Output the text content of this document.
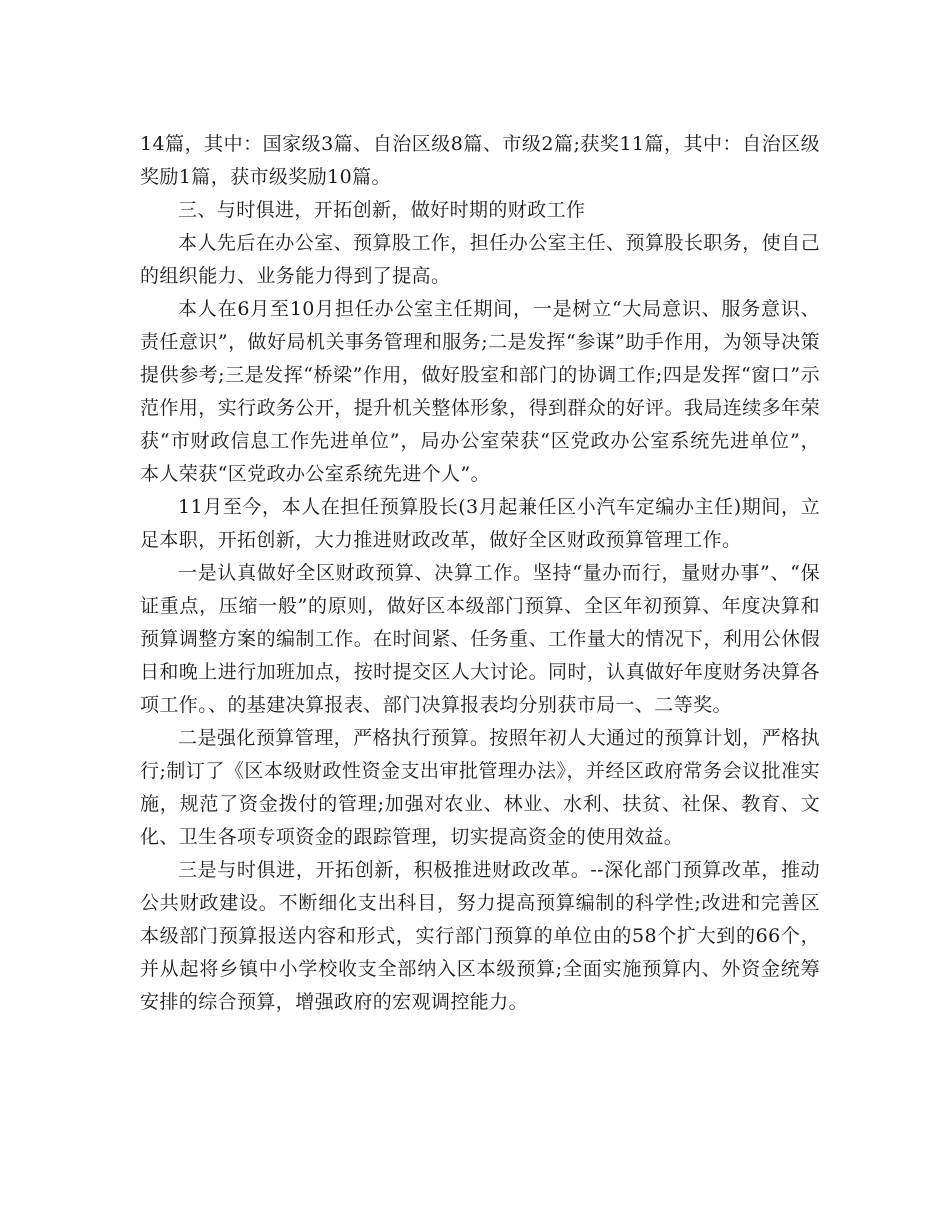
14篇，其中：国家级3篇、自治区级8篇、市级2篇;获奖11篇，其中：自治区级奖励1篇，获市级奖励10篇。

三、与时俱进，开拓创新，做好时期的财政工作

本人先后在办公室、预算股工作，担任办公室主任、预算股长职务，使自己的组织能力、业务能力得到了提高。

本人在6月至10月担任办公室主任期间，一是树立“大局意识、服务意识、责任意识”，做好局机关事务管理和服务;二是发挥“参谋”助手作用，为领导决策提供参考;三是发挥“桥梁”作用，做好股室和部门的协调工作;四是发挥“窗口”示范作用，实行政务公开，提升机关整体形象，得到群众的好评。我局连续多年荣获“市财政信息工作先进单位”，局办公室荣获“区党政办公室系统先进单位”，本人荣获“区党政办公室系统先进个人”。

11月至今，本人在担任预算股长(3月起兼任区小汽车定编办主任)期间，立足本职，开拓创新，大力推进财政改革，做好全区财政预算管理工作。

一是认真做好全区财政预算、决算工作。坚持“量办而行，量财办事”、“保证重点，压缩一般”的原则，做好区本级部门预算、全区年初预算、年度决算和预算调整方案的编制工作。在时间紧、任务重、工作量大的情况下，利用公休假日和晚上进行加班加点，按时提交区人大讨论。同时，认真做好年度财务决算各项工作。、的基建决算报表、部门决算报表均分别获市局一、二等奖。

二是强化预算管理，严格执行预算。按照年初人大通过的预算计划，严格执行;制订了《区本级财政性资金支出审批管理办法》，并经区政府常务会议批准实施，规范了资金拨付的管理;加强对农业、林业、水利、扶贫、社保、教育、文化、卫生各项专项资金的跟踪管理，切实提高资金的使用效益。

三是与时俱进，开拓创新，积极推进财政改革。--深化部门预算改革，推动公共财政建设。不断细化支出科目，努力提高预算编制的科学性;改进和完善区本级部门预算报送内容和形式，实行部门预算的单位由的58个扩大到的66个，并从起将乡镇中小学校收支全部纳入区本级预算;全面实施预算内、外资金统筹安排的综合预算，增强政府的宏观调控能力。
